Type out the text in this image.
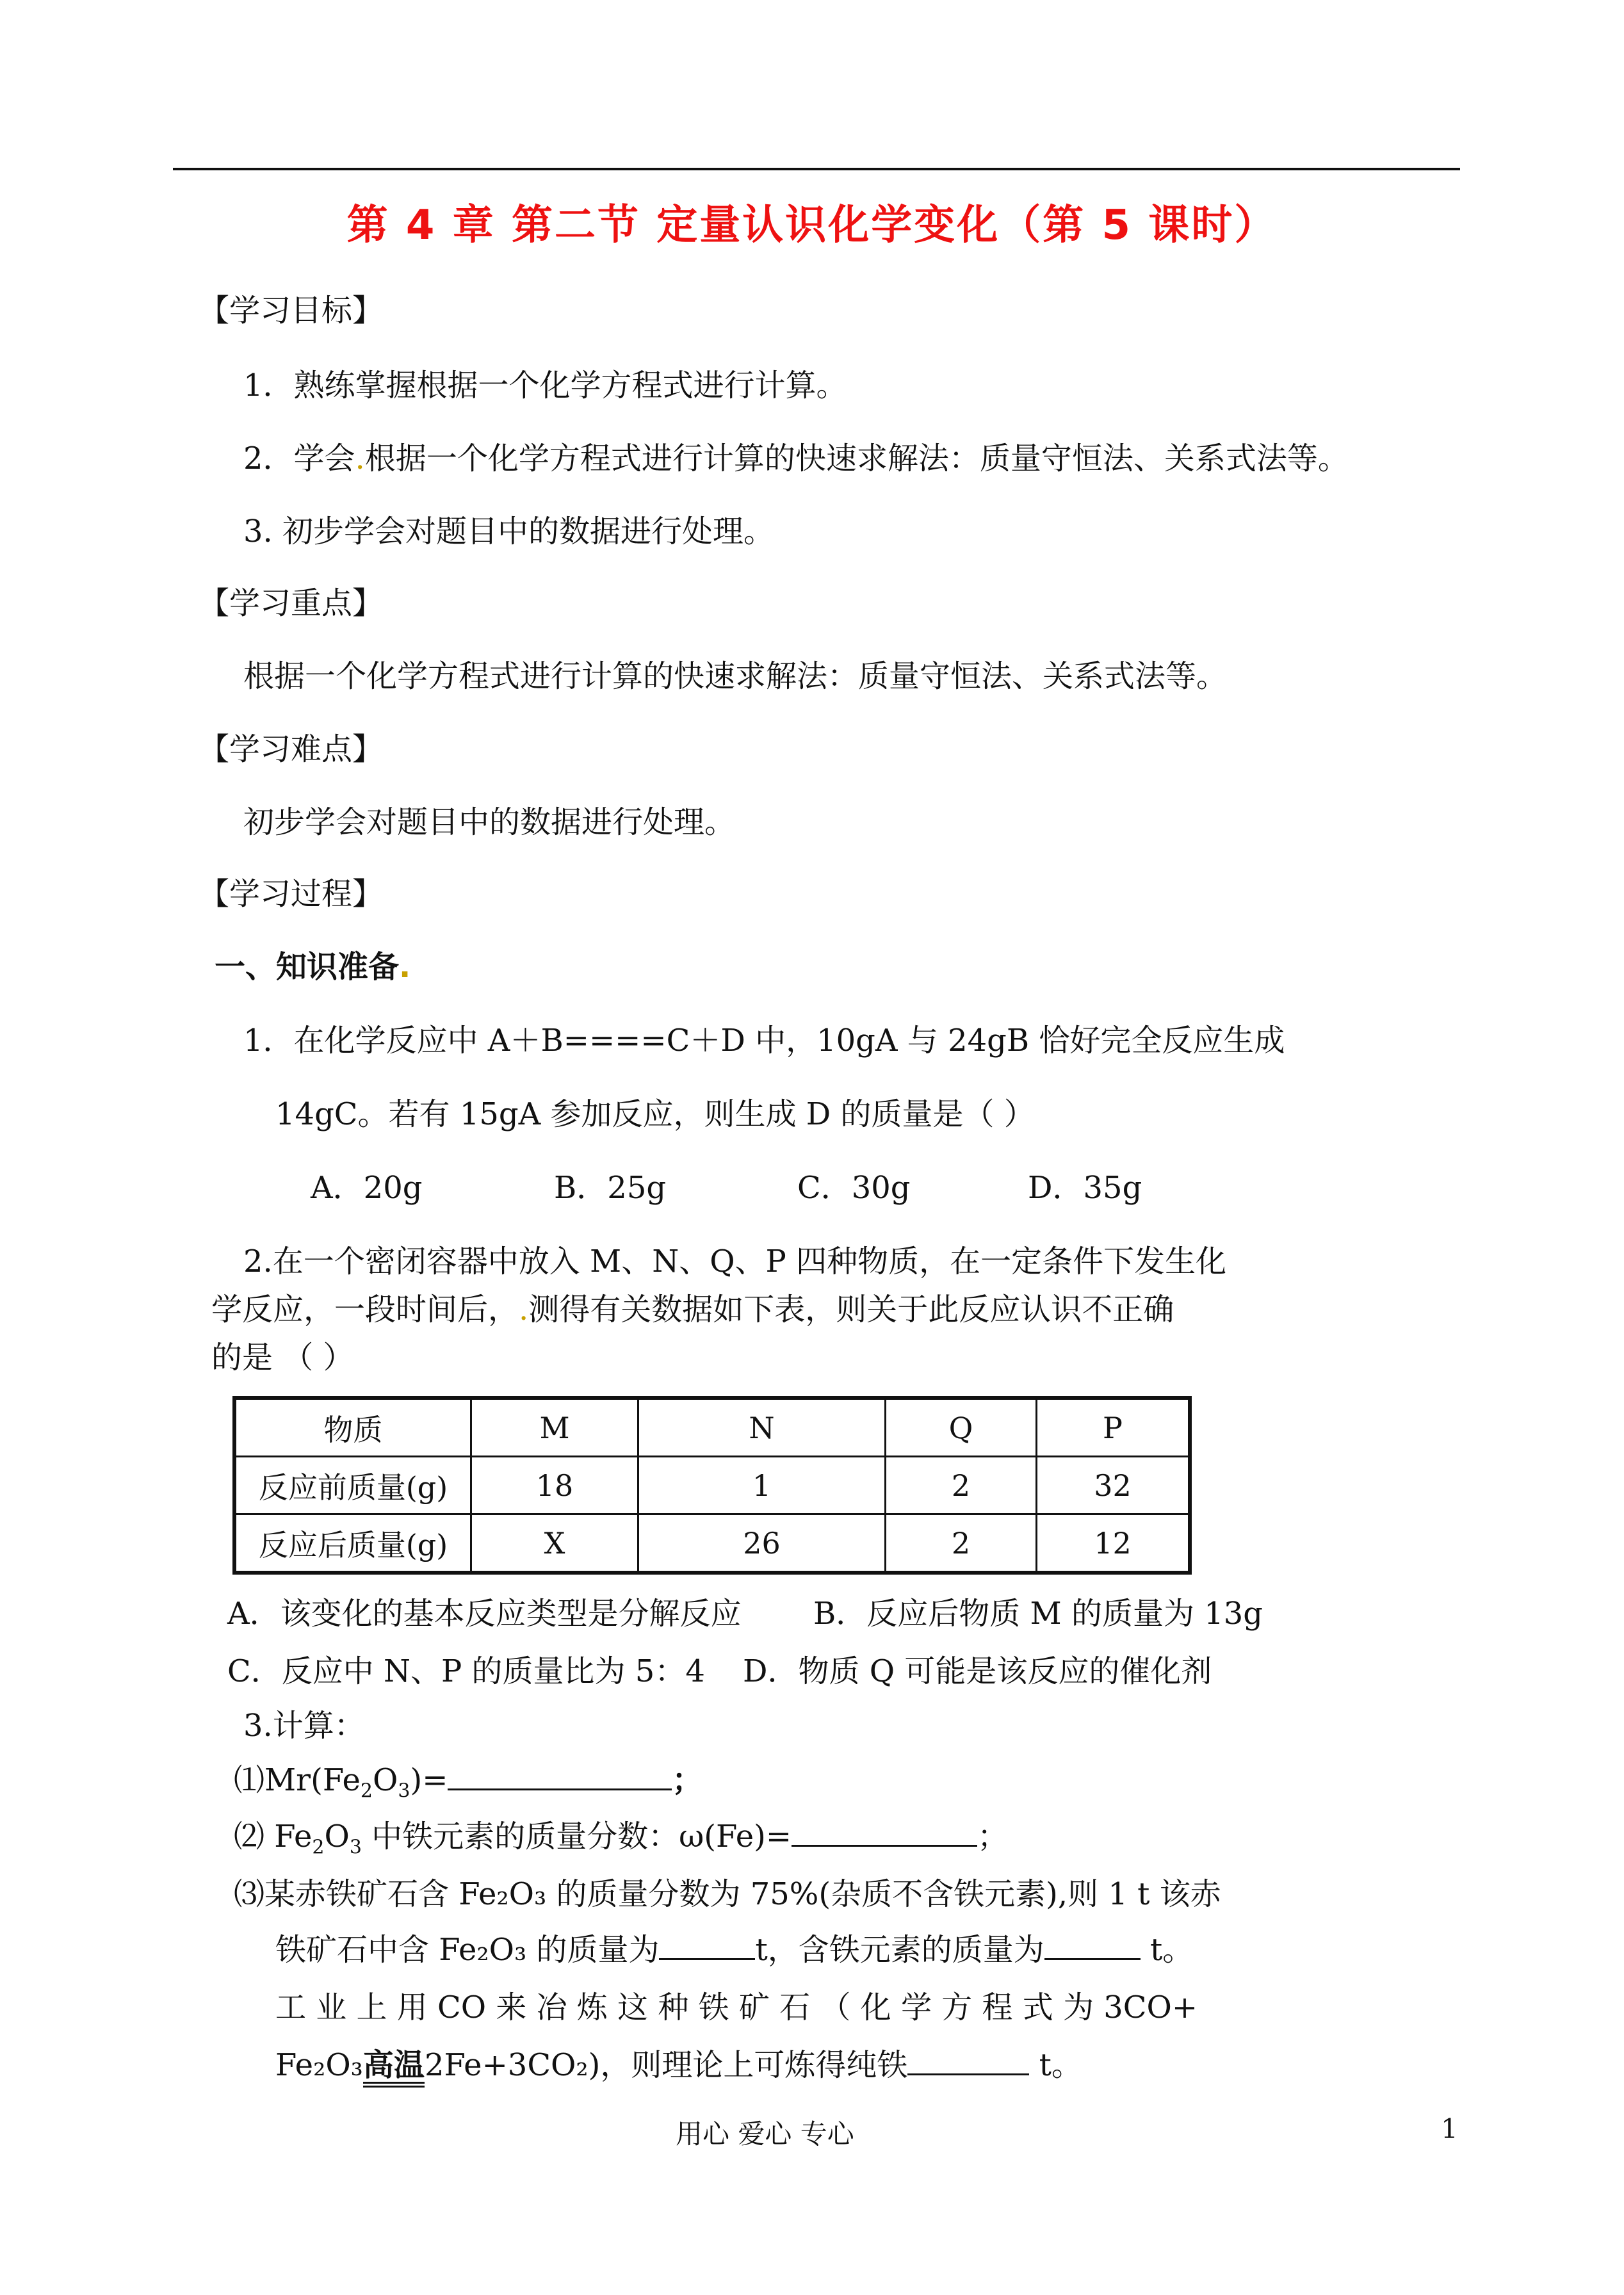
第 4 章 第二节 定量认识化学变化（第 5 课时）
【学习目标】
1．熟练掌握根据一个化学方程式进行计算。
2．学会.根据一个化学方程式进行计算的快速求解法：质量守恒法、关系式法等。
3. 初步学会对题目中的数据进行处理。
【学习重点】
根据一个化学方程式进行计算的快速求解法：质量守恒法、关系式法等。
【学习难点】
初步学会对题目中的数据进行处理。
【学习过程】
一、知识准备.
1．在化学反应中 A＋B====C＋D 中，10gA 与 24gB 恰好完全反应生成
14gC。若有 15gA 参加反应，则生成 D 的质量是（ ）
A．20g	B．25g	C．30g	D．35g
2.在一个密闭容器中放入 M、N、Q、P 四种物质，在一定条件下发生化
学反应，一段时间后，.测得有关数据如下表，则关于此反应认识不正确
的是 （ ）
物质	M	N	Q	P
反应前质量(g)	18	1	2	32
反应后质量(g)	X	26	2	12
A．该变化的基本反应类型是分解反应 B．反应后物质 M 的质量为 13g
C．反应中 N、P 的质量比为 5：4 D．物质 Q 可能是该反应的催化剂
3.计算：
$⑴Mr(Fe_2O_3)=$	；
⑵ $Fe_2O_3$ 中铁元素的质量分数：ω(Fe)=	；
⑶某赤铁矿石含 Fe₂O₃ 的质量分数为 75%(杂质不含铁元素),则 1 t 该赤
铁矿石中含 Fe₂O₃ 的质量为	t，含铁元素的质量为	t。
工 业 上 用 CO 来 冶 炼 这 种 铁 矿 石 （ 化 学 方 程 式 为 3CO+
Fe₂O₃高温2Fe+3CO₂)，则理论上可炼得纯铁	t。
用心 爱心 专心	1
